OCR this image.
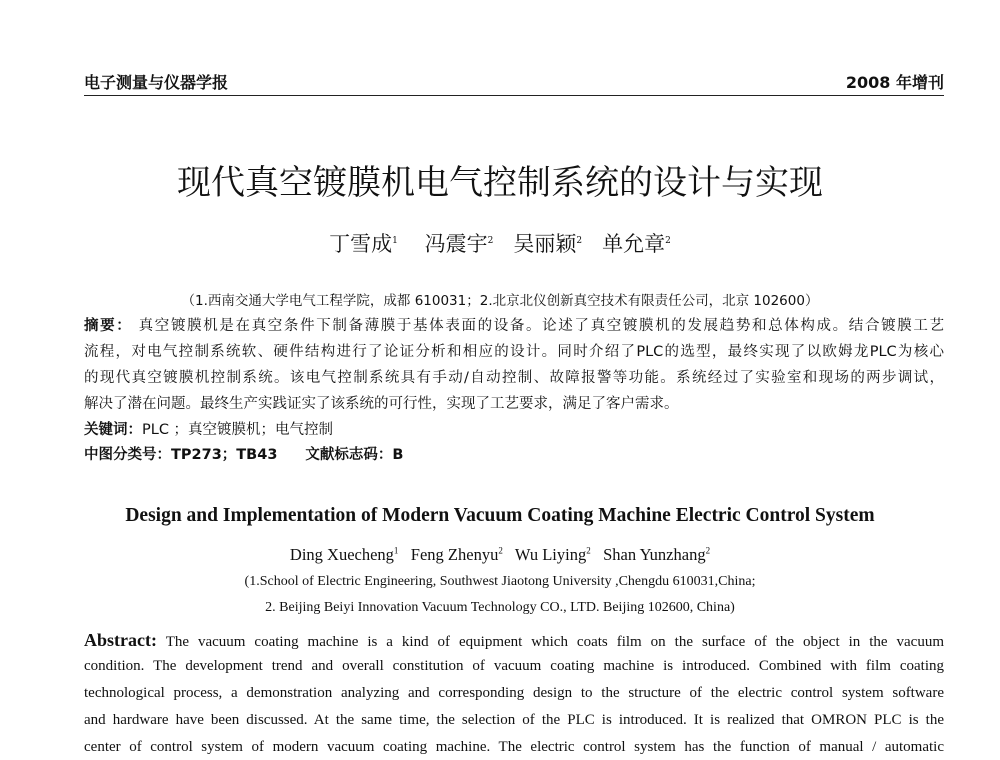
电子测量与仪器学报	2008 年增刊
现代真空镀膜机电气控制系统的设计与实现
丁雪成$^1$ 冯震宇$^2$ 吴丽颖$^2$ 单允章$^2$
（1.西南交通大学电气工程学院，成都 610031；2.北京北仪创新真空技术有限责任公司，北京 102600）
摘要： 真空镀膜机是在真空条件下制备薄膜于基体表面的设备。论述了真空镀膜机的发展趋势和总体构成。结合镀膜工艺
流程，对电气控制系统软、硬件结构进行了论证分析和相应的设计。同时介绍了PLC的选型，最终实现了以欧姆龙PLC为核心
的现代真空镀膜机控制系统。该电气控制系统具有手动/自动控制、故障报警等功能。系统经过了实验室和现场的两步调试，
解决了潜在问题。最终生产实践证实了该系统的可行性，实现了工艺要求，满足了客户需求。
关键词：PLC ；真空镀膜机；电气控制
中图分类号：TP273；TB43 文献标志码：B
Design and Implementation of Modern Vacuum Coating Machine Electric Control System
Ding Xuecheng$^1$ Feng Zhenyu$^2$ Wu Liying$^2$ Shan Yunzhang$^2$
(1.School of Electric Engineering, Southwest Jiaotong University ,Chengdu 610031,China;
2. Beijing Beiyi Innovation Vacuum Technology CO., LTD. Beijing 102600, China)
Abstract: The vacuum coating machine is a kind of equipment which coats film on the surface of the object in the vacuum
condition. The development trend and overall constitution of vacuum coating machine is introduced. Combined with film coating
technological process, a demonstration analyzing and corresponding design to the structure of the electric control system software
and hardware have been discussed. At the same time, the selection of the PLC is introduced. It is realized that OMRON PLC is the
center of control system of modern vacuum coating machine. The electric control system has the function of manual / automatic
